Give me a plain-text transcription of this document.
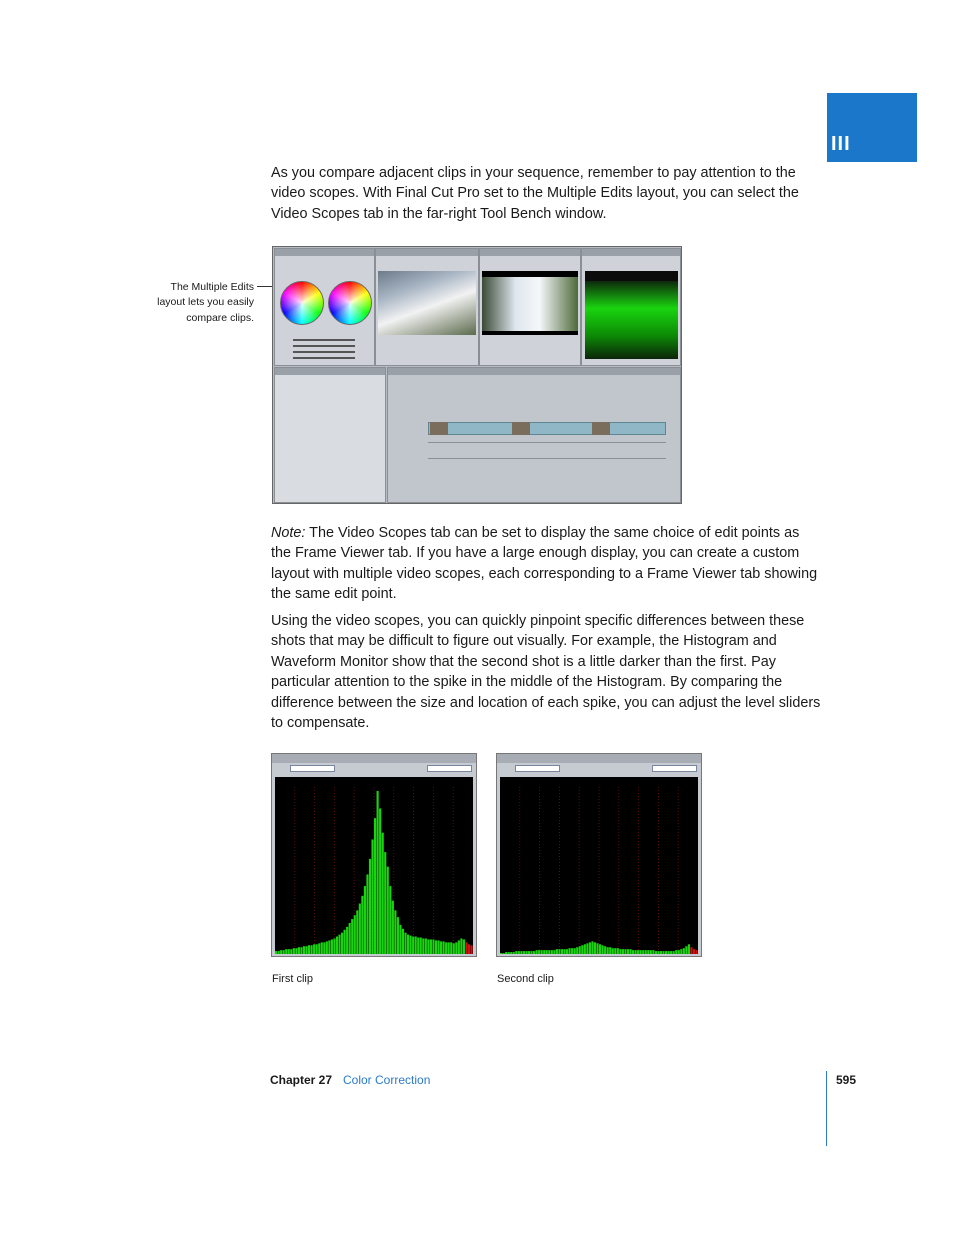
III

As you compare adjacent clips in your sequence, remember to pay attention to the video scopes. With Final Cut Pro set to the Multiple Edits layout, you can select the Video Scopes tab in the far-right Tool Bench window.

The Multiple Edits
layout lets you easily
compare clips.

Note: The Video Scopes tab can be set to display the same choice of edit points as the Frame Viewer tab. If you have a large enough display, you can create a custom layout with multiple video scopes, each corresponding to a Frame Viewer tab showing the same edit point.

Using the video scopes, you can quickly pinpoint specific differences between these shots that may be difficult to figure out visually. For example, the Histogram and Waveform Monitor show that the second shot is a little darker than the first. Pay particular attention to the spike in the middle of the Histogram. By comparing the difference between the size and location of each spike, you can adjust the level sliders to compensate.

First clip	Second clip
Chapter 27 Color Correction	595
